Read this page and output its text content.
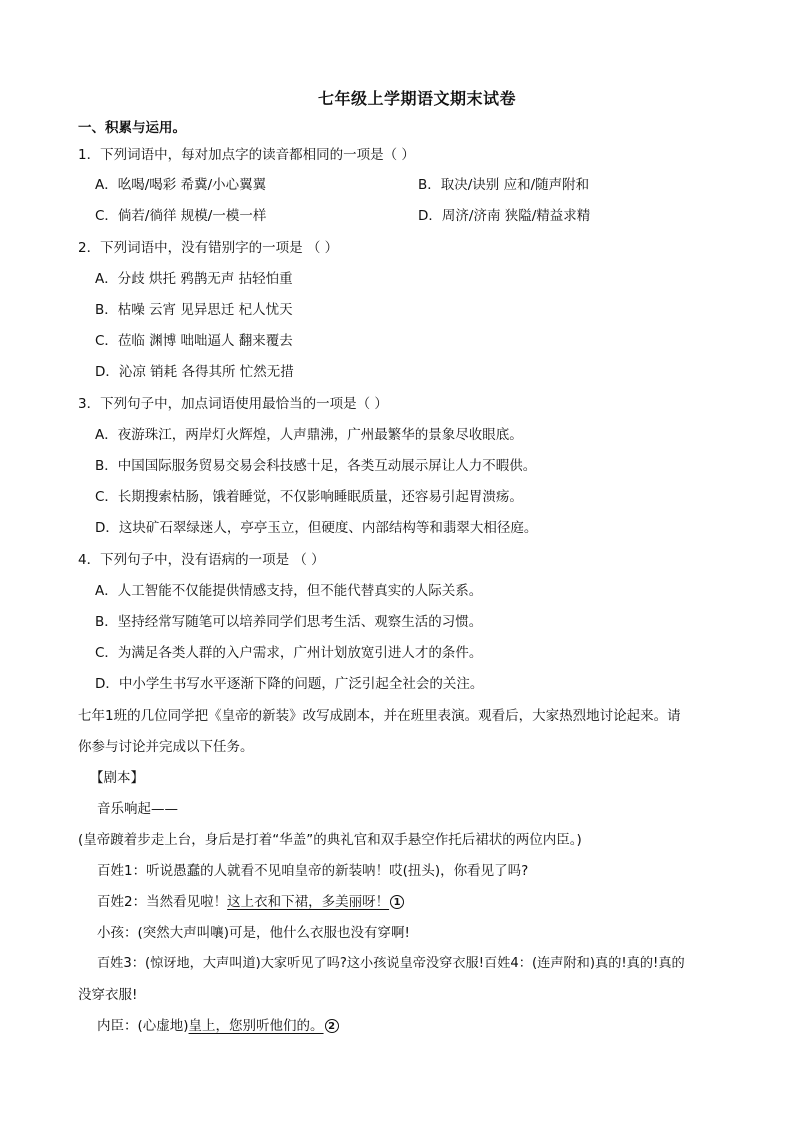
七年级上学期语文期末试卷
一、积累与运用。
1．下列词语中，每对加点字的读音都相同的一项是（ ）
A．吆喝/喝彩 希冀/小心翼翼	B．取决/诀别 应和/随声附和
C．倘若/徜徉 规模/一模一样	D．周济/济南 狭隘/精益求精
2．下列词语中，没有错别字的一项是 （ ）
A．分歧 烘托 鸦鹊无声 拈轻怕重
B．枯噪 云宵 见异思迁 杞人忧天
C．莅临 渊博 咄咄逼人 翻来覆去
D．沁凉 销耗 各得其所 忙然无措
3．下列句子中，加点词语使用最恰当的一项是（ ）
A．夜游珠江，两岸灯火辉煌，人声鼎沸，广州最繁华的景象尽收眼底。
B．中国国际服务贸易交易会科技感十足，各类互动展示屏让人力不暇供。
C．长期搜索枯肠，饿着睡觉，不仅影响睡眠质量，还容易引起胃溃疡。
D．这块矿石翠绿迷人，亭亭玉立，但硬度、内部结构等和翡翠大相径庭。
4．下列句子中，没有语病的一项是 （ ）
A．人工智能不仅能提供情感支持，但不能代替真实的人际关系。
B．坚持经常写随笔可以培养同学们思考生活、观察生活的习惯。
C．为满足各类人群的入户需求，广州计划放宽引进人才的条件。
D．中小学生书写水平逐渐下降的问题，广泛引起全社会的关注。
七年1班的几位同学把《皇帝的新装》改写成剧本，并在班里表演。观看后，大家热烈地讨论起来。请
你参与讨论并完成以下任务。
【剧本】
音乐响起——
(皇帝踱着步走上台，身后是打着“华盖”的典礼官和双手悬空作托后裙状的两位内臣。)
百姓1：听说愚蠢的人就看不见咱皇帝的新装呐！哎(扭头)，你看见了吗?
百姓2：当然看见啦！这上衣和下裙，多美丽呀！ 1
小孩：(突然大声叫嚷)可是，他什么衣服也没有穿啊!
百姓3：(惊讶地，大声叫道)大家听见了吗?这小孩说皇帝没穿衣服!百姓4：(连声附和)真的!真的!真的
没穿衣服!
内臣：(心虚地)皇上，您别听他们的。 2
